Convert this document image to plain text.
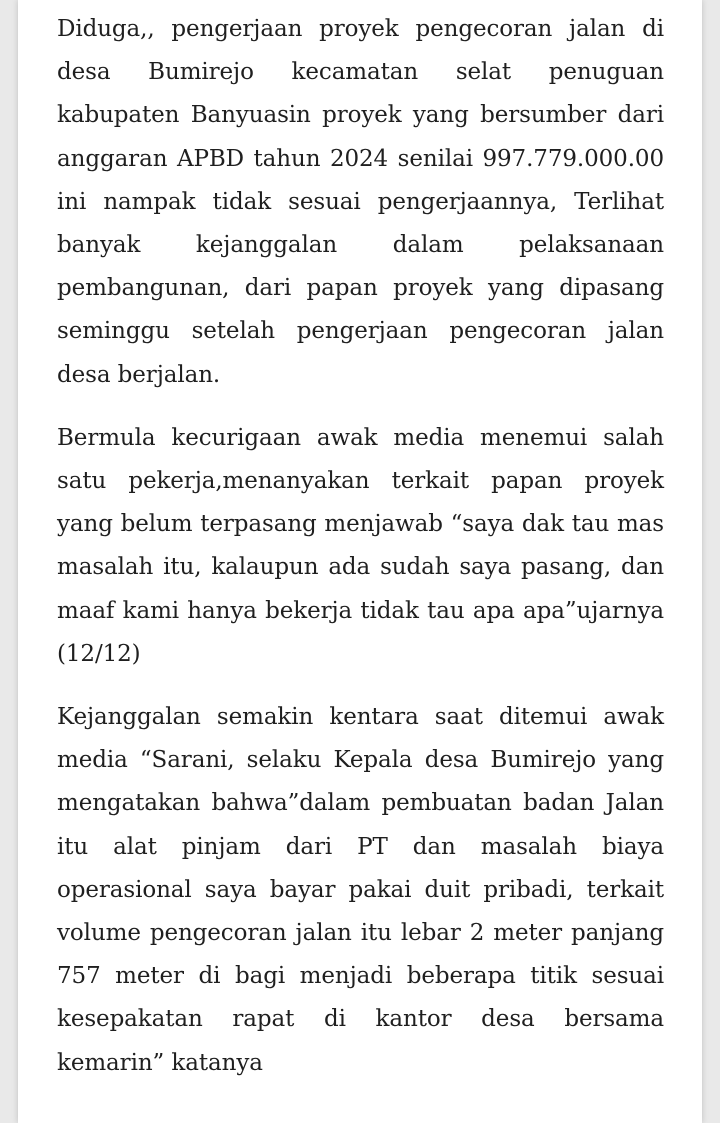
Diduga,, pengerjaan proyek pengecoran jalan di desa Bumirejo kecamatan selat penuguan kabupaten Banyuasin proyek yang bersumber dari anggaran APBD tahun 2024 senilai 997.779.000.00 ini nampak tidak sesuai pengerjaannya, Terlihat banyak kejanggalan dalam pelaksanaan pembangunan, dari papan proyek yang dipasang seminggu setelah pengerjaan pengecoran jalan desa berjalan.

Bermula kecurigaan awak media menemui salah satu pekerja,menanyakan terkait papan proyek yang belum terpasang menjawab “saya dak tau mas masalah itu, kalaupun ada sudah saya pasang, dan maaf kami hanya bekerja tidak tau apa apa”ujarnya (12/12)

Kejanggalan semakin kentara saat ditemui awak media “Sarani, selaku Kepala desa Bumirejo yang mengatakan bahwa”dalam pembuatan badan Jalan itu alat pinjam dari PT dan masalah biaya operasional saya bayar pakai duit pribadi, terkait volume pengecoran jalan itu lebar 2 meter panjang 757 meter di bagi menjadi beberapa titik sesuai kesepakatan rapat di kantor desa bersama kemarin” katanya
